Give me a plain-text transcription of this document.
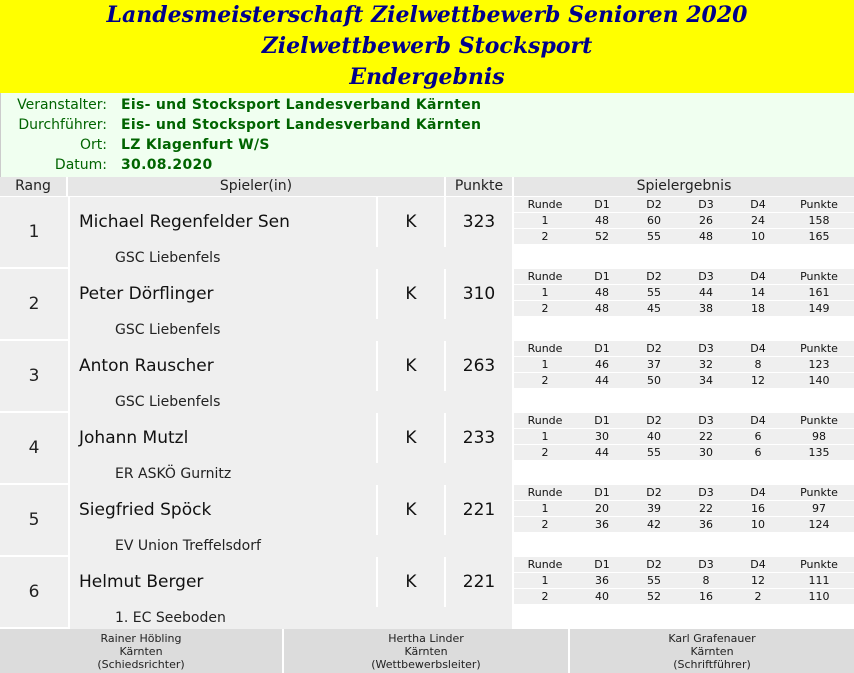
Landesmeisterschaft Zielwettbewerb Senioren 2020
Zielwettbewerb Stocksport
Endergebnis
Veranstalter: Eis- und Stocksport Landesverband Kärnten
Durchführer: Eis- und Stocksport Landesverband Kärnten
Ort: LZ Klagenfurt W/S
Datum: 30.08.2020
Rang	Spieler(in)	Punkte	Spielergebnis
1	Michael Regenfelder Sen	K	323
GSC Liebenfels
Runde	D1	D2	D3	D4	Punkte
1	48	60	26	24	158
2	52	55	48	10	165
2	Peter Dörflinger	K	310
GSC Liebenfels
Runde	D1	D2	D3	D4	Punkte
1	48	55	44	14	161
2	48	45	38	18	149
3	Anton Rauscher	K	263
GSC Liebenfels
Runde	D1	D2	D3	D4	Punkte
1	46	37	32	8	123
2	44	50	34	12	140
4	Johann Mutzl	K	233
ER ASKÖ Gurnitz
Runde	D1	D2	D3	D4	Punkte
1	30	40	22	6	98
2	44	55	30	6	135
5	Siegfried Spöck	K	221
EV Union Treffelsdorf
Runde	D1	D2	D3	D4	Punkte
1	20	39	22	16	97
2	36	42	36	10	124
6	Helmut Berger	K	221
1. EC Seeboden
Runde	D1	D2	D3	D4	Punkte
1	36	55	8	12	111
2	40	52	16	2	110
Rainer Höbling
Kärnten
(Schiedsrichter)
Hertha Linder
Kärnten
(Wettbewerbsleiter)
Karl Grafenauer
Kärnten
(Schriftführer)
